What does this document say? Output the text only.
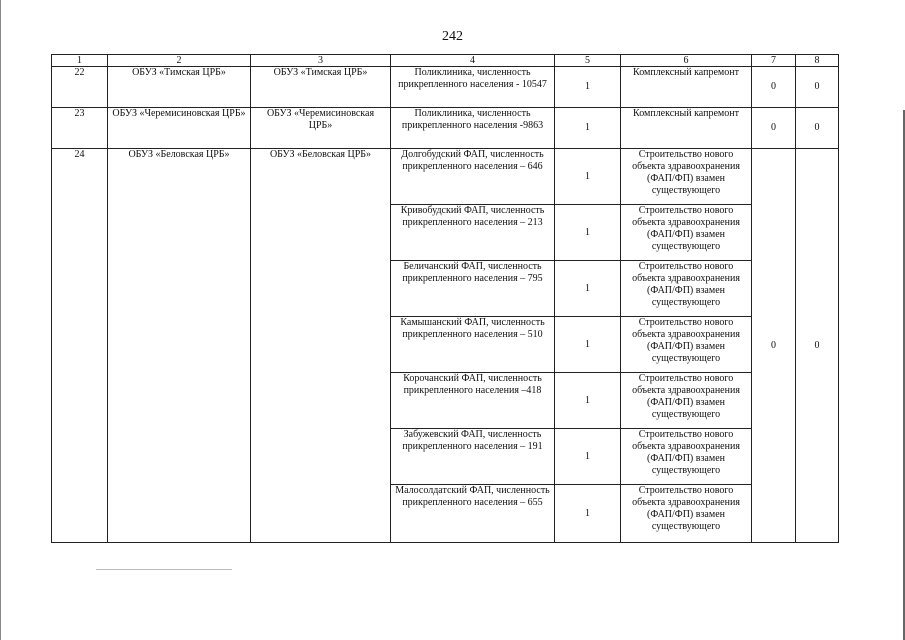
242
1	2	3	4	5	6	7	8
22	ОБУЗ «Тимская ЦРБ»	ОБУЗ «Тимская ЦРБ»	Поликлиника, численность прикрепленного населения - 10547	1	Комплексный капремонт	0	0
23	ОБУЗ «Черемисиновская ЦРБ»	ОБУЗ «Черемисиновская ЦРБ»	Поликлиника, численность прикрепленного населения -9863	1	Комплексный капремонт	0	0
24	ОБУЗ «Беловская ЦРБ»	ОБУЗ «Беловская ЦРБ»	Долгобудский ФАП, численность прикрепленного населения – 646	1	Строительство нового объекта здравоохранения (ФАП/ФП) взамен существующего	0	0
			Кривобудский ФАП, численность прикрепленного населения – 213	1	Строительство нового объекта здравоохранения (ФАП/ФП) взамен существующего		
			Беличанский ФАП, численность прикрепленного населения – 795	1	Строительство нового объекта здравоохранения (ФАП/ФП) взамен существующего		
			Камышанский ФАП, численность прикрепленного населения – 510	1	Строительство нового объекта здравоохранения (ФАП/ФП) взамен существующего		
			Корочанский ФАП, численность прикрепленного населения –418	1	Строительство нового объекта здравоохранения (ФАП/ФП) взамен существующего		
			Забужевский ФАП, численность прикрепленного населения – 191	1	Строительство нового объекта здравоохранения (ФАП/ФП) взамен существующего		
			Малосолдатский ФАП, численность прикрепленного населения – 655	1	Строительство нового объекта здравоохранения (ФАП/ФП) взамен существующего		
